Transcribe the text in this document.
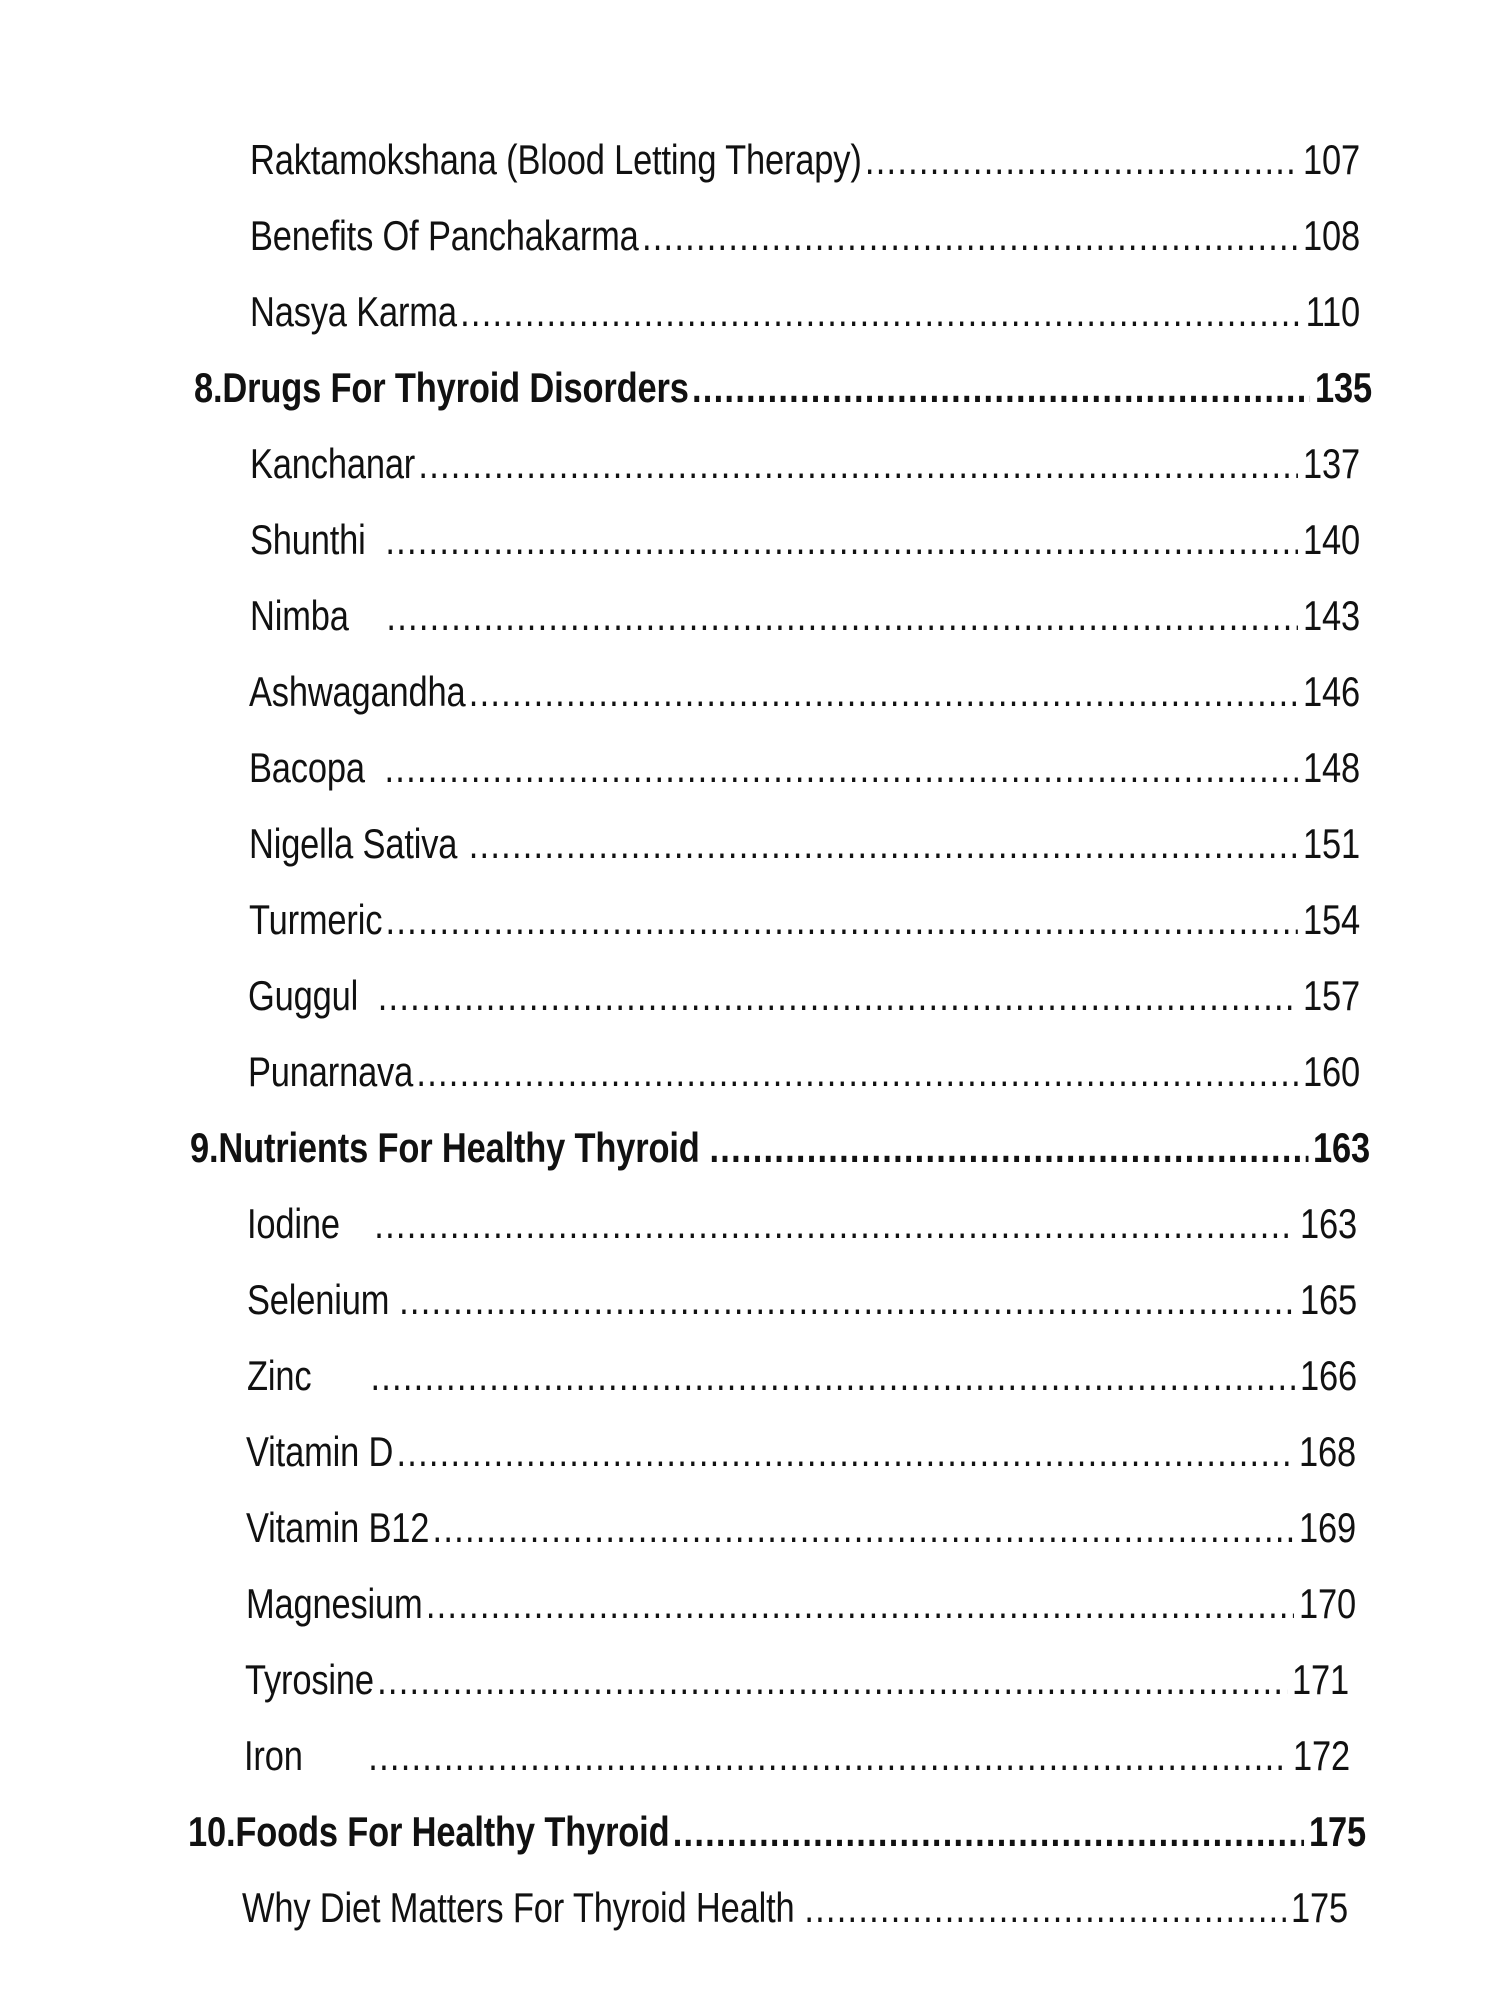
Raktamokshana (Blood Letting Therapy) .....	107
Benefits Of Panchakarma .....	108
Nasya Karma .....	110
8.Drugs For Thyroid Disorders .....	135
Kanchanar .....	137
Shunthi .....	140
Nimba .....	143
Ashwagandha .....	146
Bacopa .....	148
Nigella Sativa .....	151
Turmeric .....	154
Guggul .....	157
Punarnava .....	160
9.Nutrients For Healthy Thyroid .....	163
Iodine .....	163
Selenium .....	165
Zinc .....	166
Vitamin D .....	168
Vitamin B12 .....	169
Magnesium .....	170
Tyrosine .....	171
Iron .....	172
10.Foods For Healthy Thyroid .....	175
Why Diet Matters For Thyroid Health .....	175
